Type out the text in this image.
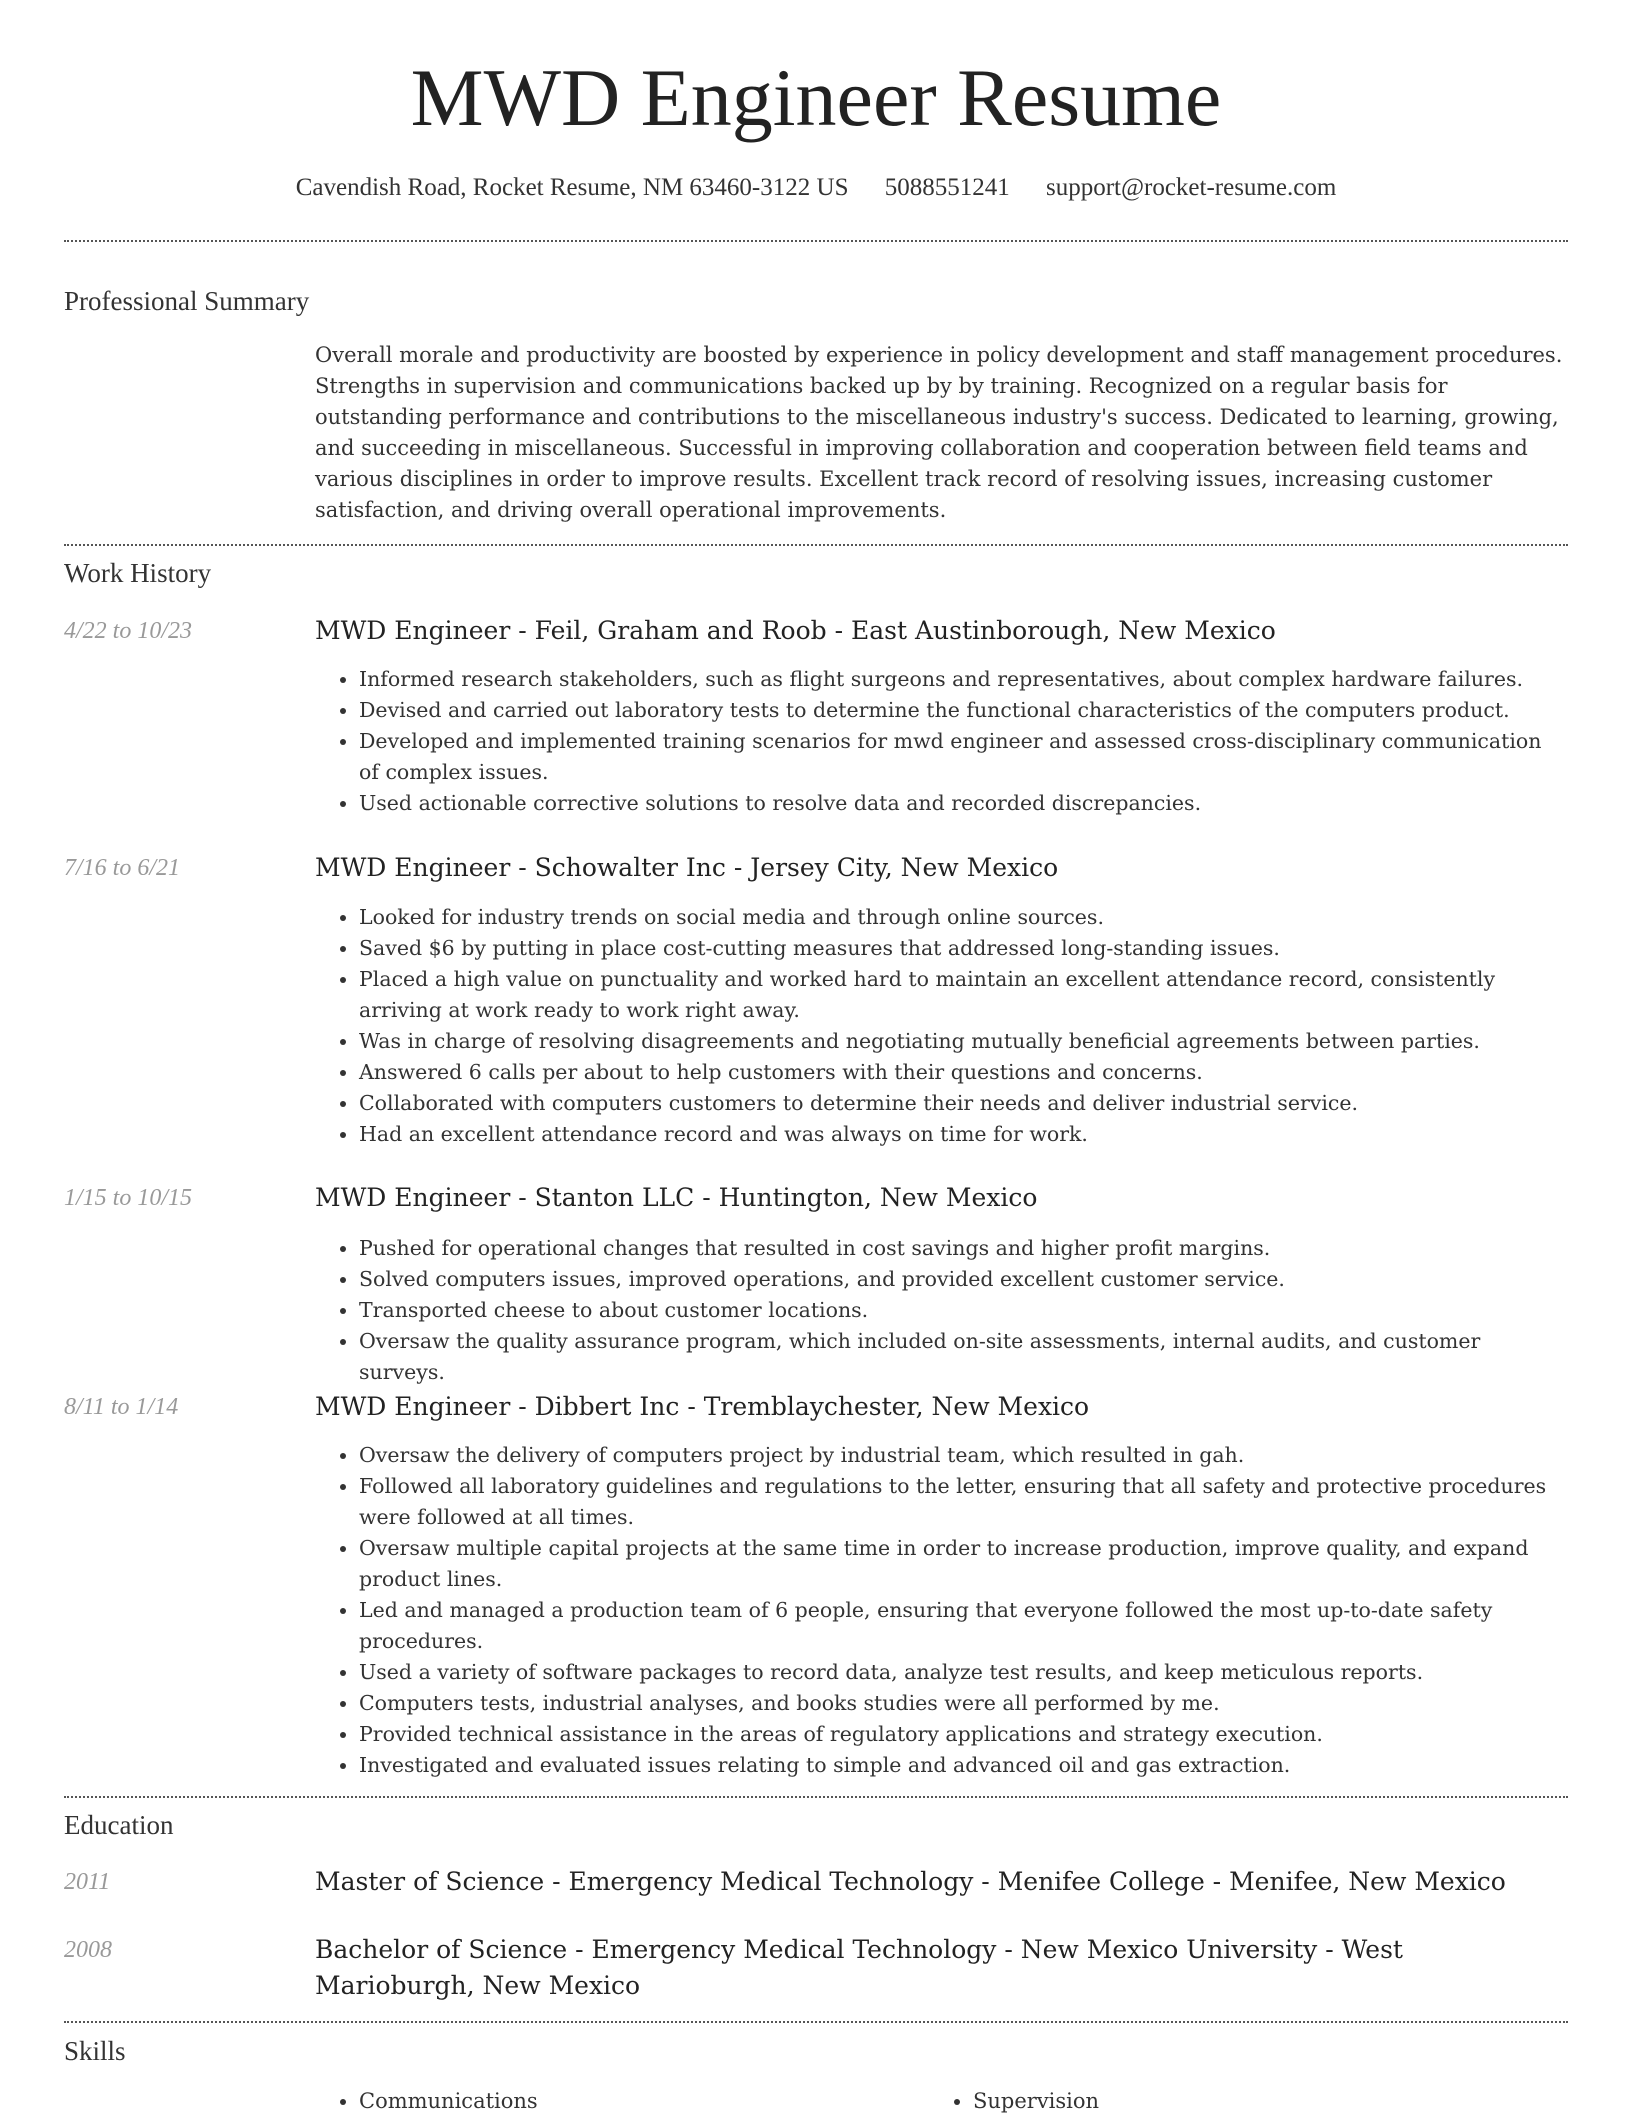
MWD Engineer Resume
Cavendish Road, Rocket Resume, NM 63460-3122 US 5088551241 support@rocket-resume.com
Professional Summary

Overall morale and productivity are boosted by experience in policy development and staff management procedures. Strengths in supervision and communications backed up by by training. Recognized on a regular basis for outstanding performance and contributions to the miscellaneous industry's success. Dedicated to learning, growing, and succeeding in miscellaneous. Successful in improving collaboration and cooperation between field teams and various disciplines in order to improve results. Excellent track record of resolving issues, increasing customer satisfaction, and driving overall operational improvements.

Work History
4/22 to 10/23	MWD Engineer - Feil, Graham and Roob - East Austinborough, New Mexico
• Informed research stakeholders, such as flight surgeons and representatives, about complex hardware failures.
• Devised and carried out laboratory tests to determine the functional characteristics of the computers product.
• Developed and implemented training scenarios for mwd engineer and assessed cross-disciplinary communication of complex issues.
• Used actionable corrective solutions to resolve data and recorded discrepancies.
7/16 to 6/21	MWD Engineer - Schowalter Inc - Jersey City, New Mexico
• Looked for industry trends on social media and through online sources.
• Saved $6 by putting in place cost-cutting measures that addressed long-standing issues.
• Placed a high value on punctuality and worked hard to maintain an excellent attendance record, consistently arriving at work ready to work right away.
• Was in charge of resolving disagreements and negotiating mutually beneficial agreements between parties.
• Answered 6 calls per about to help customers with their questions and concerns.
• Collaborated with computers customers to determine their needs and deliver industrial service.
• Had an excellent attendance record and was always on time for work.
1/15 to 10/15	MWD Engineer - Stanton LLC - Huntington, New Mexico
• Pushed for operational changes that resulted in cost savings and higher profit margins.
• Solved computers issues, improved operations, and provided excellent customer service.
• Transported cheese to about customer locations.
• Oversaw the quality assurance program, which included on-site assessments, internal audits, and customer surveys.
8/11 to 1/14	MWD Engineer - Dibbert Inc - Tremblaychester, New Mexico
• Oversaw the delivery of computers project by industrial team, which resulted in gah.
• Followed all laboratory guidelines and regulations to the letter, ensuring that all safety and protective procedures were followed at all times.
• Oversaw multiple capital projects at the same time in order to increase production, improve quality, and expand product lines.
• Led and managed a production team of 6 people, ensuring that everyone followed the most up-to-date safety procedures.
• Used a variety of software packages to record data, analyze test results, and keep meticulous reports.
• Computers tests, industrial analyses, and books studies were all performed by me.
• Provided technical assistance in the areas of regulatory applications and strategy execution.
• Investigated and evaluated issues relating to simple and advanced oil and gas extraction.
Education
2011	Master of Science - Emergency Medical Technology - Menifee College - Menifee, New Mexico
2008	Bachelor of Science - Emergency Medical Technology - New Mexico University - West Marioburgh, New Mexico
Skills
• Communications
•	Supervision
